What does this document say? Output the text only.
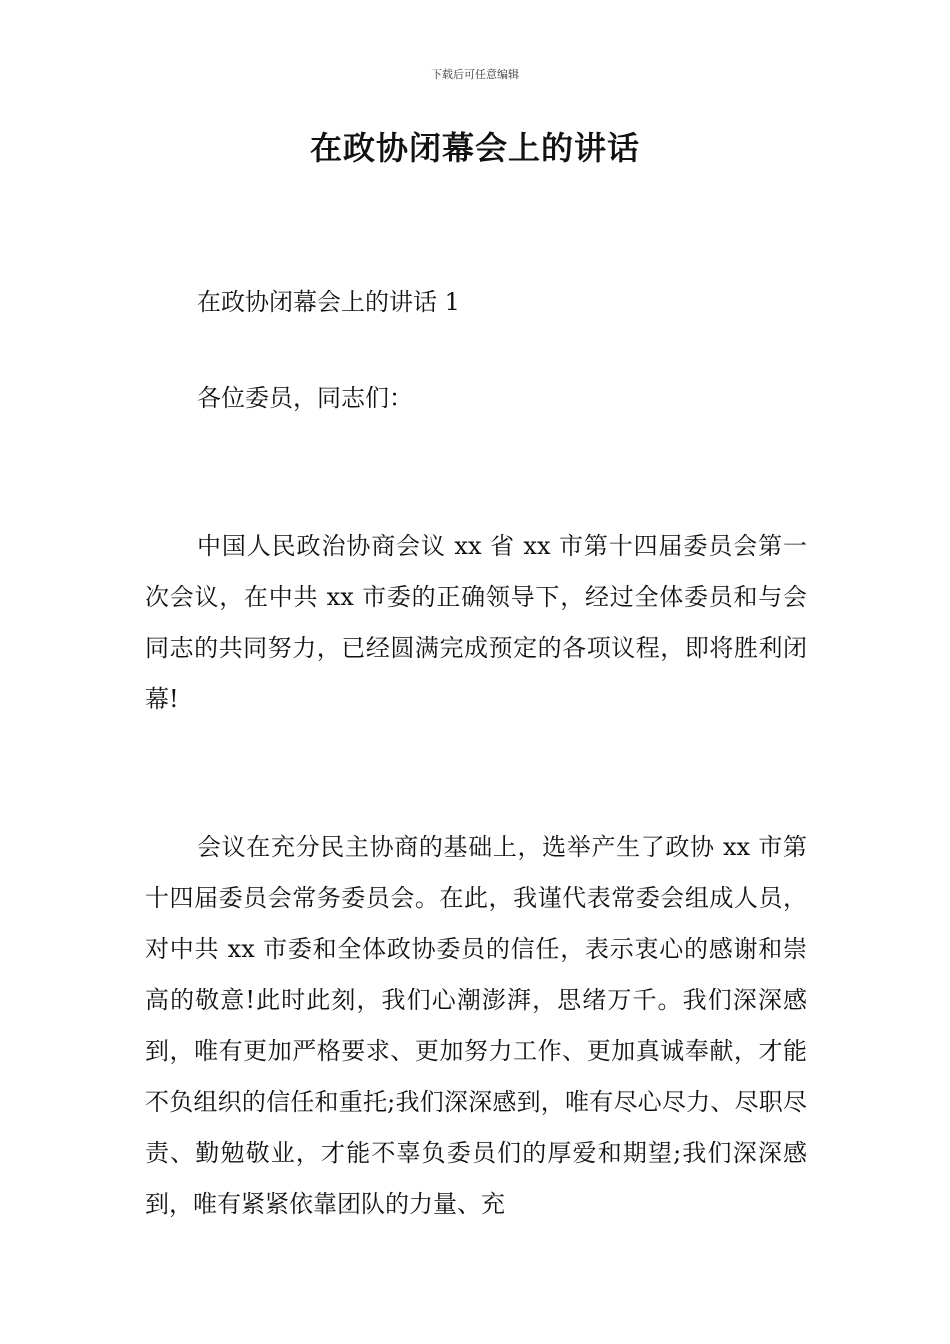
下载后可任意编辑
在政协闭幕会上的讲话
在政协闭幕会上的讲话 1
各位委员，同志们：
中国人民政治协商会议 xx 省 xx 市第十四届委员会第一次会议，在中共 xx 市委的正确领导下，经过全体委员和与会同志的共同努力，已经圆满完成预定的各项议程，即将胜利闭幕!
会议在充分民主协商的基础上，选举产生了政协 xx 市第十四届委员会常务委员会。在此，我谨代表常委会组成人员，对中共 xx 市委和全体政协委员的信任，表示衷心的感谢和崇高的敬意!此时此刻，我们心潮澎湃，思绪万千。我们深深感到，唯有更加严格要求、更加努力工作、更加真诚奉献，才能不负组织的信任和重托;我们深深感到，唯有尽心尽力、尽职尽责、勤勉敬业，才能不辜负委员们的厚爱和期望;我们深深感到，唯有紧紧依靠团队的力量、充
